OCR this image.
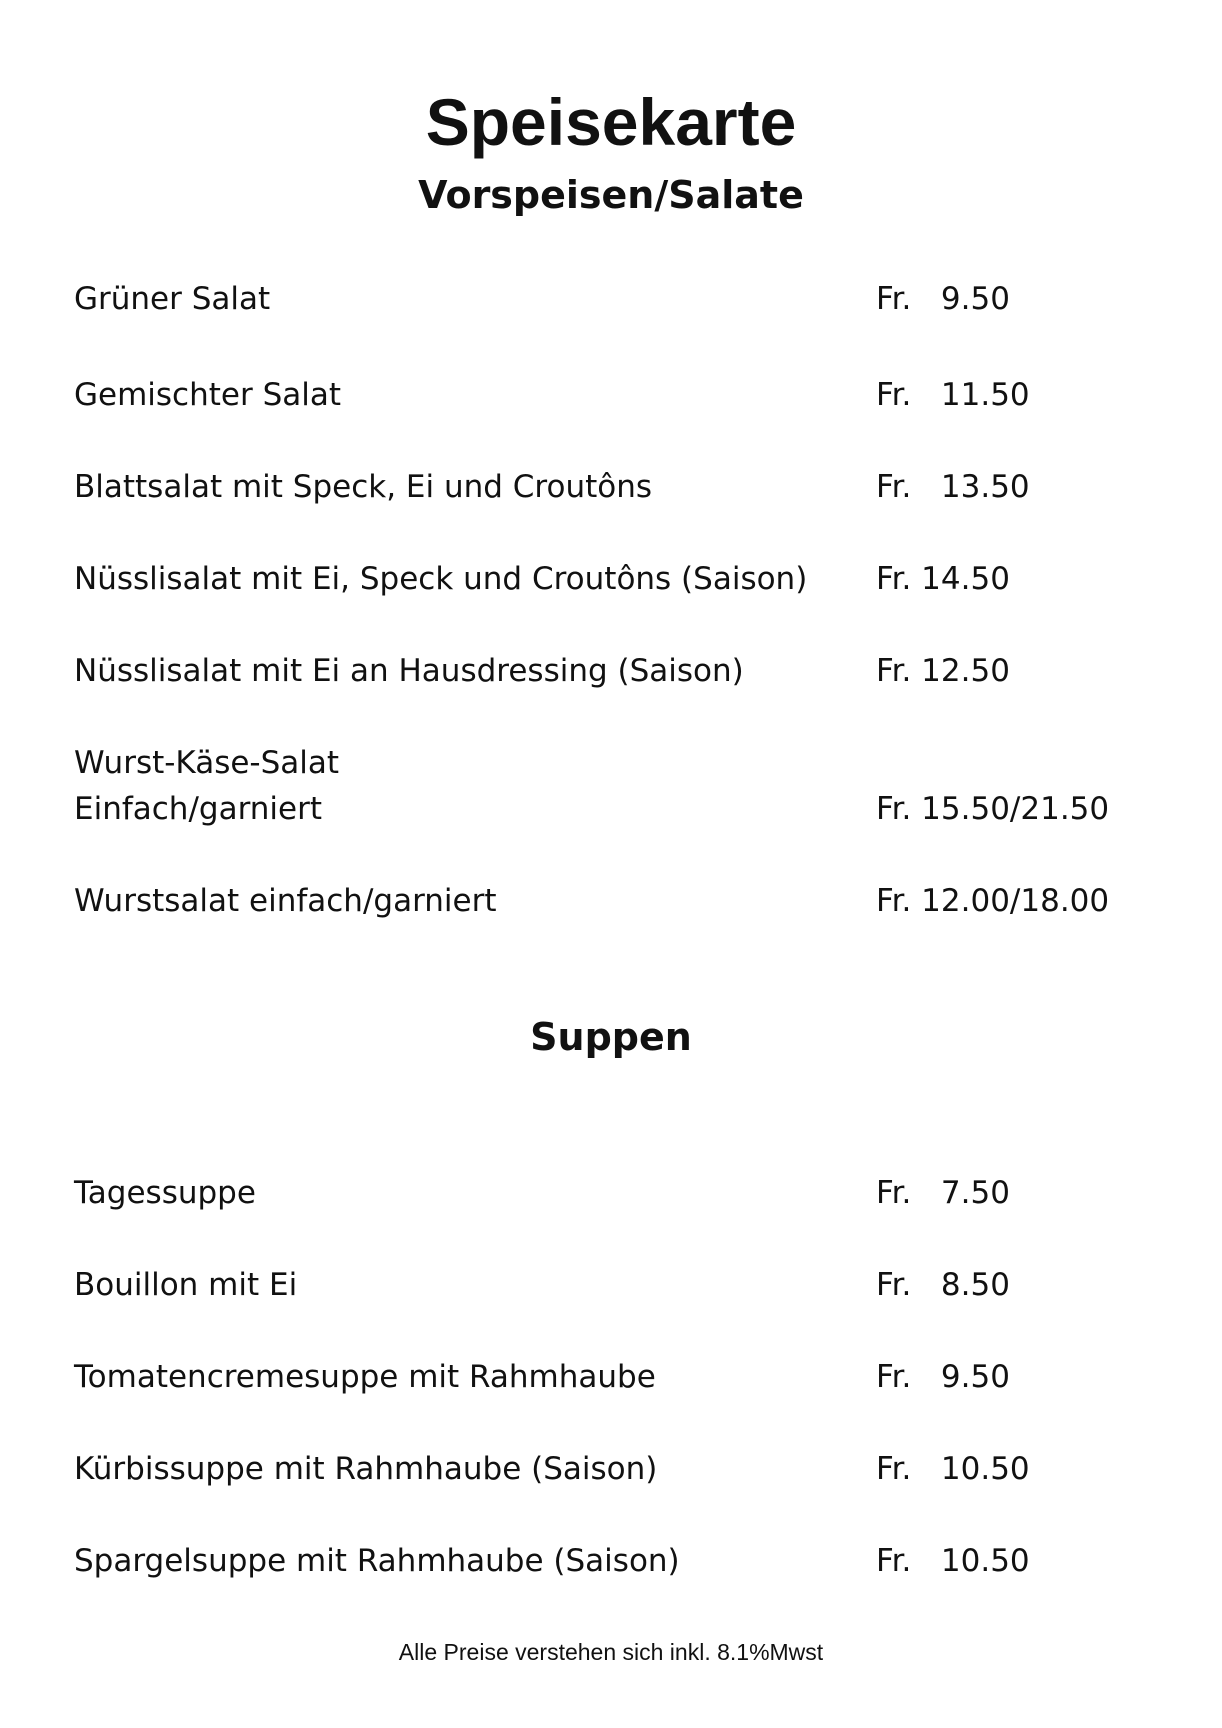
Speisekarte
Vorspeisen/Salate
Grüner Salat	Fr.   9.50
Gemischter Salat	Fr.   11.50
Blattsalat mit Speck, Ei und Croutôns	Fr.   13.50
Nüsslisalat mit Ei, Speck und Croutôns (Saison) Fr. 14.50
Nüsslisalat mit Ei an Hausdressing (Saison)	Fr. 12.50
Wurst-Käse-Salat
Einfach/garniert	Fr. 15.50/21.50
Wurstsalat einfach/garniert	Fr. 12.00/18.00
Suppen
Tagessuppe	Fr.   7.50
Bouillon mit Ei	Fr.   8.50
Tomatencremesuppe mit Rahmhaube	Fr.   9.50
Kürbissuppe mit Rahmhaube (Saison)	Fr.   10.50
Spargelsuppe mit Rahmhaube (Saison)	Fr.   10.50
Alle Preise verstehen sich inkl. 8.1%Mwst
